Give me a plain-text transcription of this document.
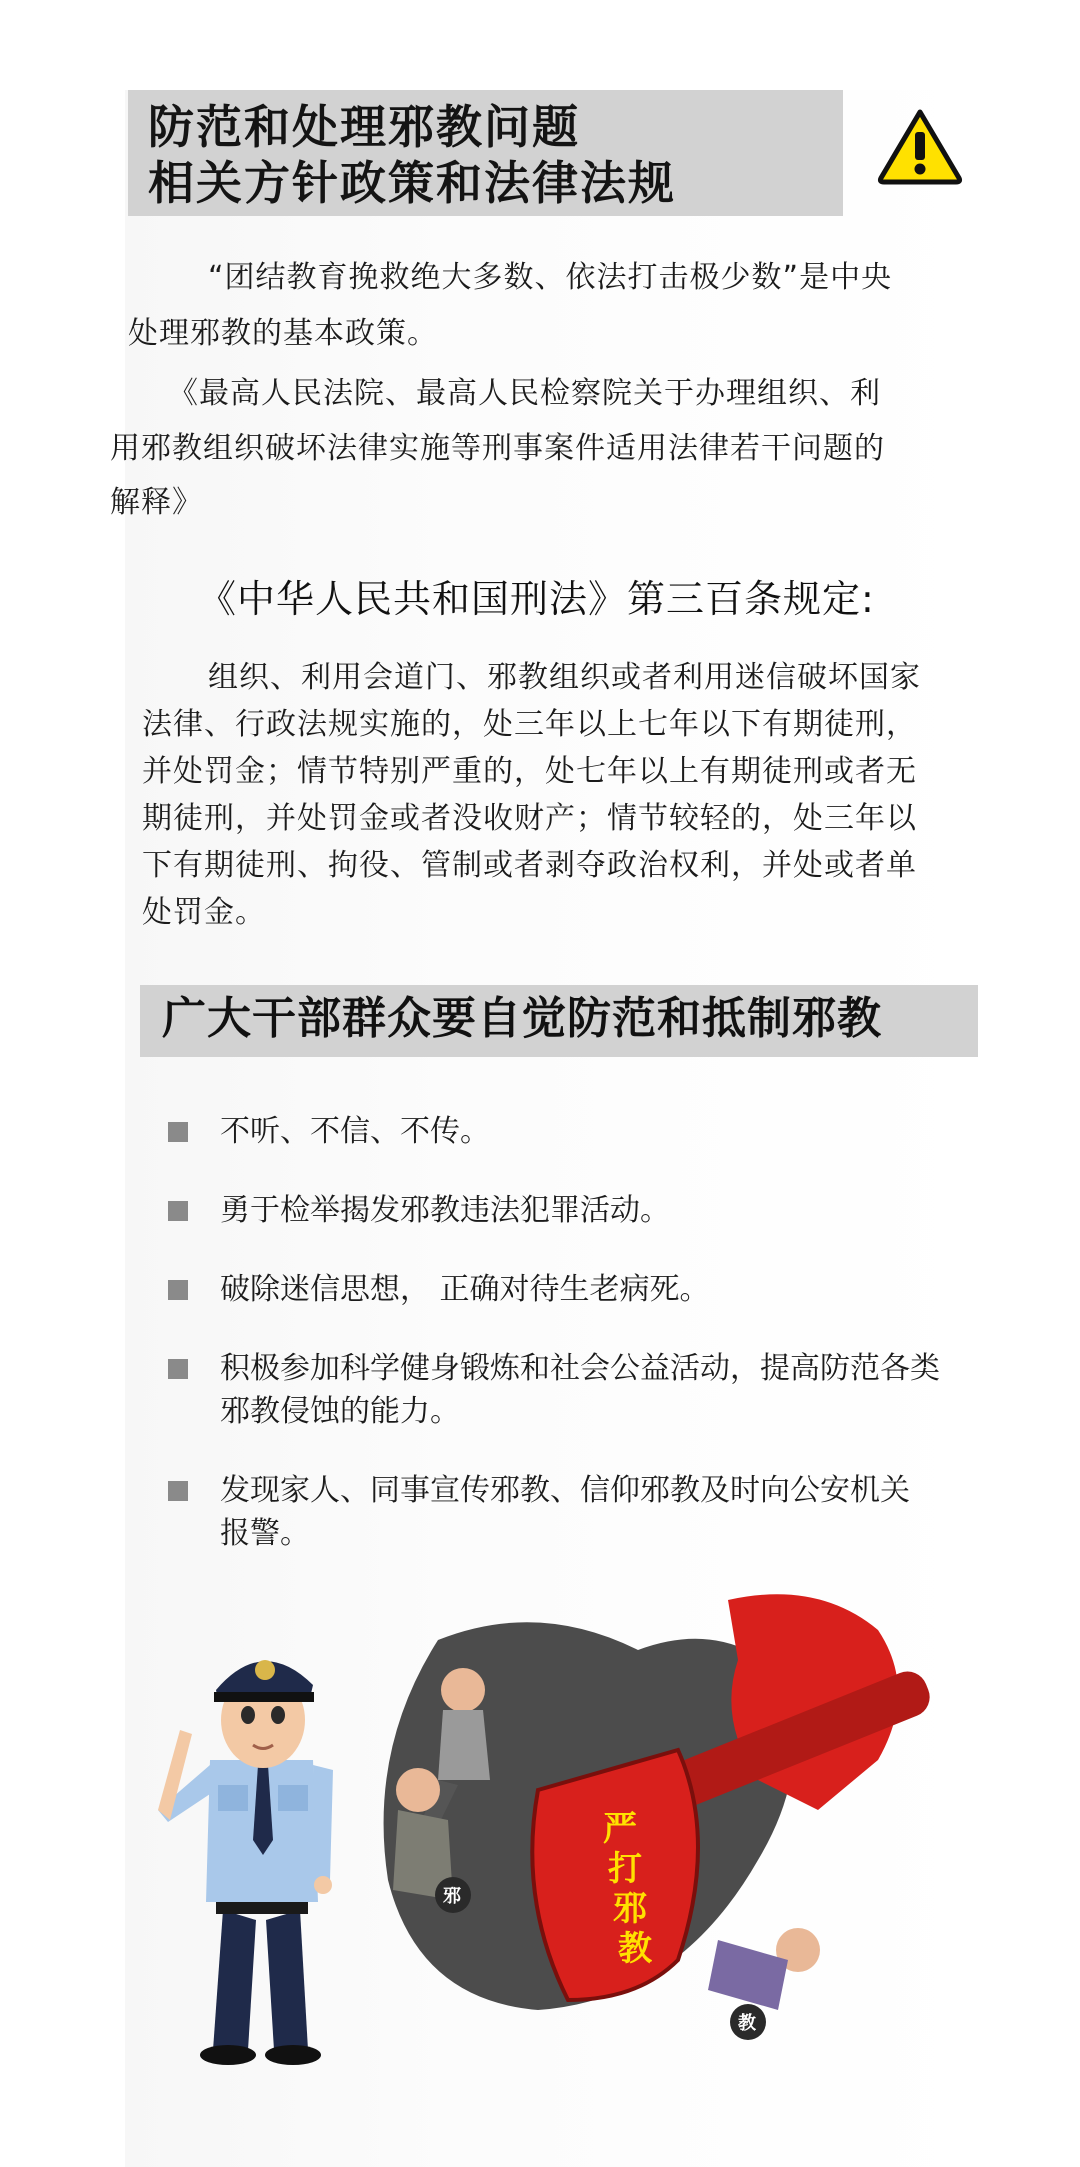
防范和处理邪教问题
相关方针政策和法律法规
“团结教育挽救绝大多数、依法打击极少数”是中央
处理邪教的基本政策。
《最高人民法院、最高人民检察院关于办理组织、利
用邪教组织破坏法律实施等刑事案件适用法律若干问题的
解释》
《中华人民共和国刑法》第三百条规定:
组织、利用会道门、邪教组织或者利用迷信破坏国家
法律、行政法规实施的，处三年以上七年以下有期徒刑，
并处罚金；情节特别严重的，处七年以上有期徒刑或者无
期徒刑，并处罚金或者没收财产；情节较轻的，处三年以
下有期徒刑、拘役、管制或者剥夺政治权利，并处或者单
处罚金。
广大干部群众要自觉防范和抵制邪教
不听、不信、不传。
勇于检举揭发邪教违法犯罪活动。
破除迷信思想， 正确对待生老病死。
积极参加科学健身锻炼和社会公益活动，提高防范各类
邪教侵蚀的能力。
发现家人、同事宣传邪教、信仰邪教及时向公安机关
报警。
严
打
邪
教
邪
教
